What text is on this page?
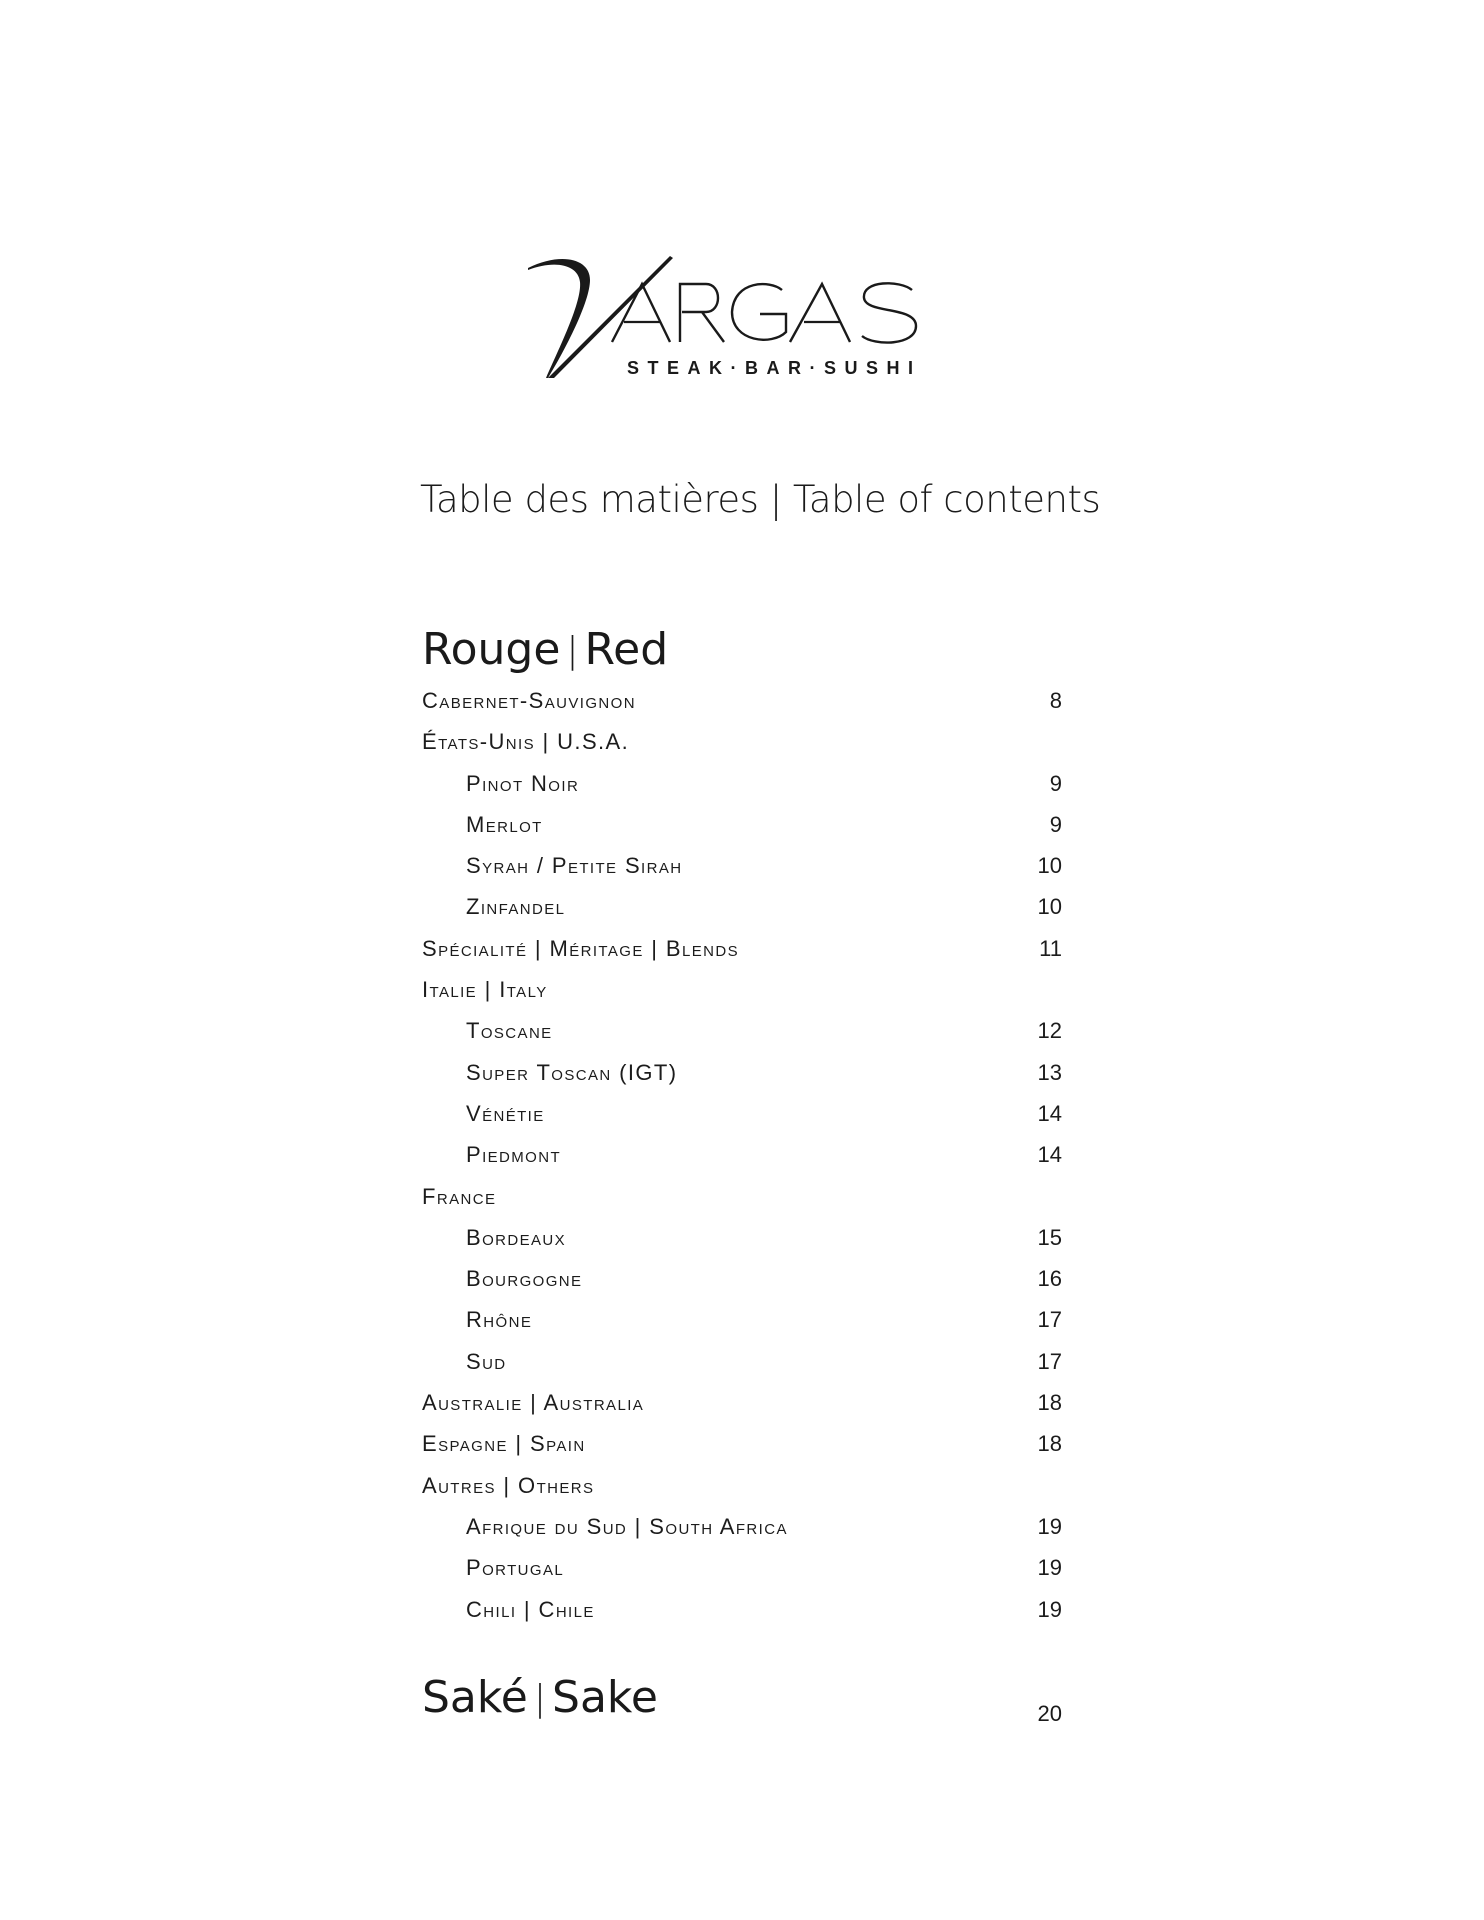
STEAK·BAR·SUSHI
Table des matières | Table of contents
Rouge | Red
Cabernet-Sauvignon	8
États-Unis | U.S.A.
Pinot Noir	9
Merlot	9
Syrah / Petite Sirah	10
Zinfandel	10
Spécialité | Méritage | Blends	11
Italie | Italy
Toscane	12
Super Toscan (IGT)	13
Vénétie	14
Piedmont	14
France
Bordeaux	15
Bourgogne	16
Rhône	17
Sud	17
Australie | Australia	18
Espagne | Spain	18
Autres | Others
Afrique du Sud | South Africa	19
Portugal	19
Chili | Chile	19
Saké | Sake	20
